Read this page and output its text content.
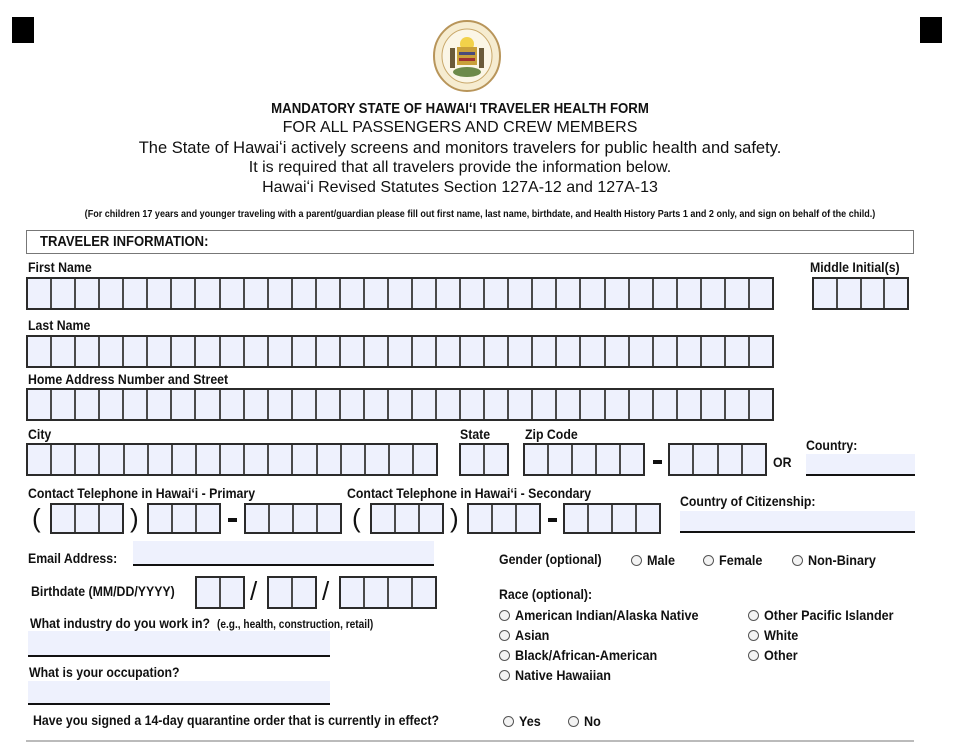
MANDATORY STATE OF HAWAIʻI TRAVELER HEALTH FORM
FOR ALL PASSENGERS AND CREW MEMBERS
The State of Hawaiʻi actively screens and monitors travelers for public health and safety.
It is required that all travelers provide the information below.
Hawaiʻi Revised Statutes Section 127A-12 and 127A-13
(For children 17 years and younger traveling with a parent/guardian please fill out first name, last name, birthdate, and Health History Parts 1 and 2 only, and sign on behalf of the child.)
TRAVELER INFORMATION:
First Name	Middle Initial(s)
Last Name
Home Address Number and Street
City	State Zip Code
OR
Country:
Contact Telephone in Hawaiʻi - Primary
(	)
Contact Telephone in Hawaiʻi - Secondary
(	)
Country of Citizenship:
Email Address:
Birthdate (MM/DD/YYYY)	/ /
What industry do you work in? (e.g., health, construction, retail)
What is your occupation?
Gender (optional)	Male	Female	Non-Binary
Race (optional):
American Indian/Alaska Native
Asian
Black/African-American
Native Hawaiian
Other Pacific Islander
White
Other
Have you signed a 14-day quarantine order that is currently in effect?	Yes	No
